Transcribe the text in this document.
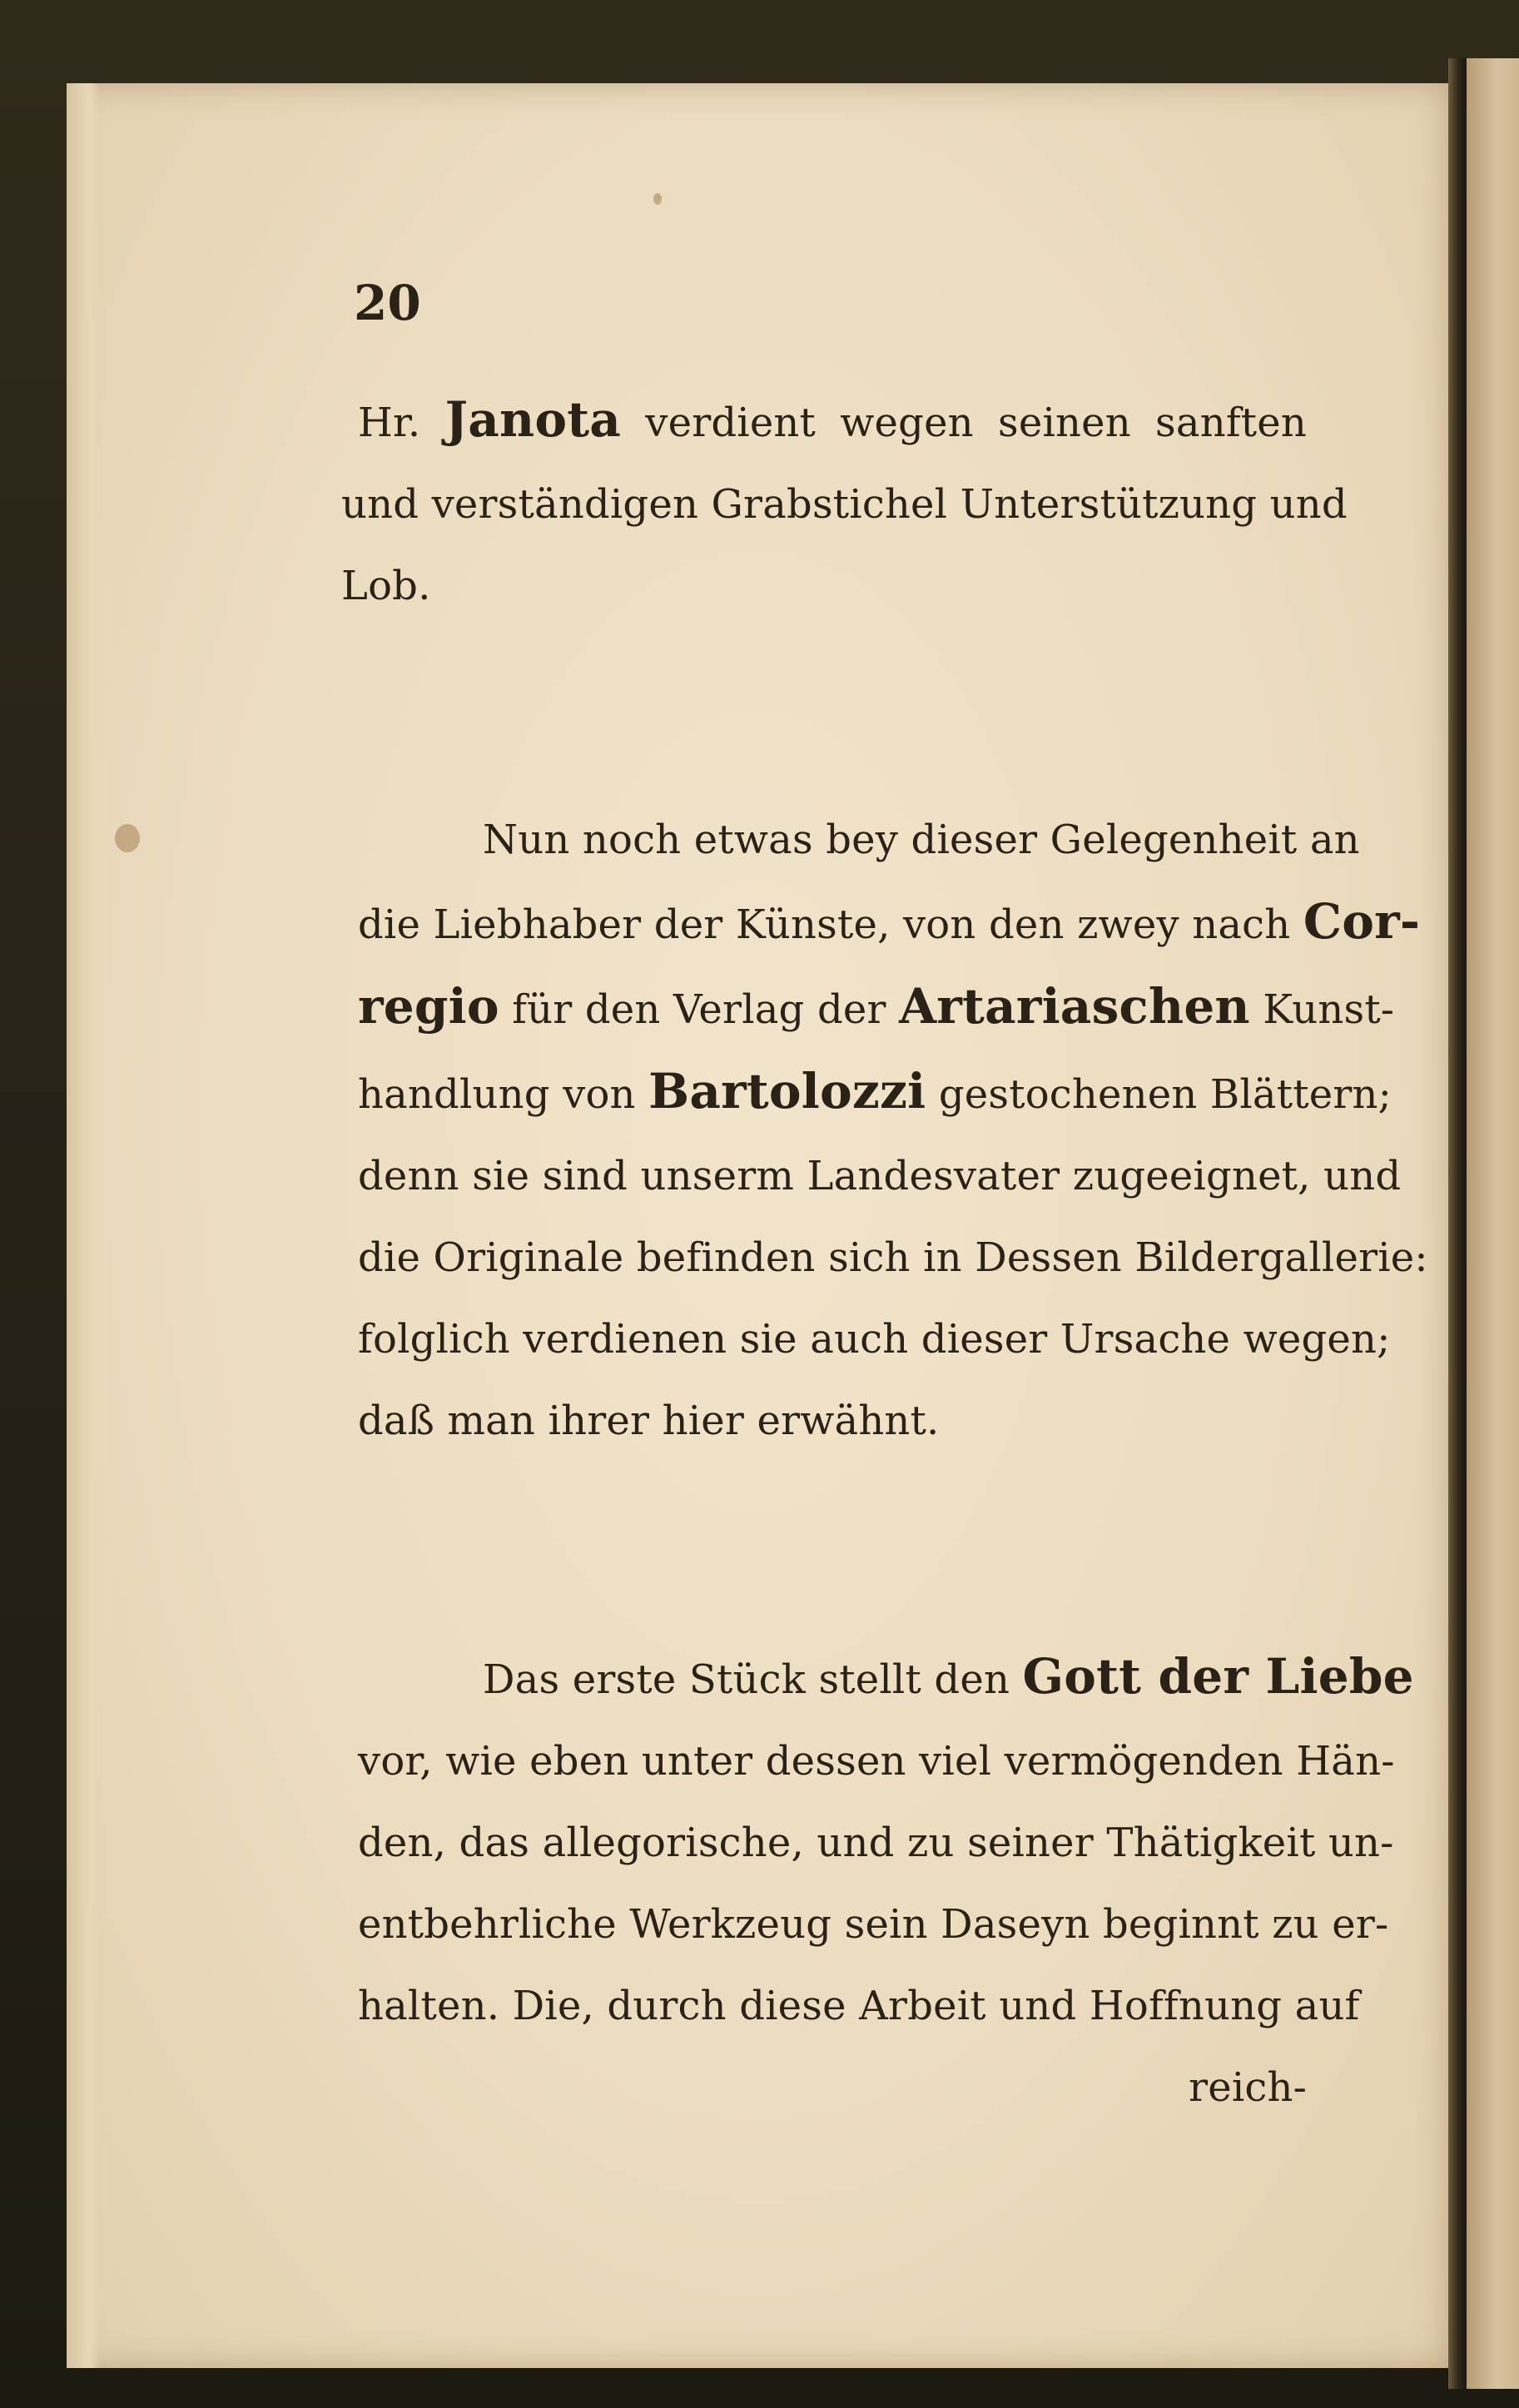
20
Hr. Janota verdient wegen seinen sanften
und verständigen Grabstichel Unterstützung und
Lob.
Nun noch etwas bey dieser Gelegenheit an
die Liebhaber der Künste, von den zwey nach Cor-
regio für den Verlag der Artariaschen Kunst-
handlung von Bartolozzi gestochenen Blättern;
denn sie sind unserm Landesvater zugeeignet, und
die Originale befinden sich in Dessen Bildergallerie:
folglich verdienen sie auch dieser Ursache wegen;
daß man ihrer hier erwähnt.
Das erste Stück stellt den Gott der Liebe
vor, wie eben unter dessen viel vermögenden Hän-
den, das allegorische, und zu seiner Thätigkeit un-
entbehrliche Werkzeug sein Daseyn beginnt zu er-
halten. Die, durch diese Arbeit und Hoffnung auf
reich-
